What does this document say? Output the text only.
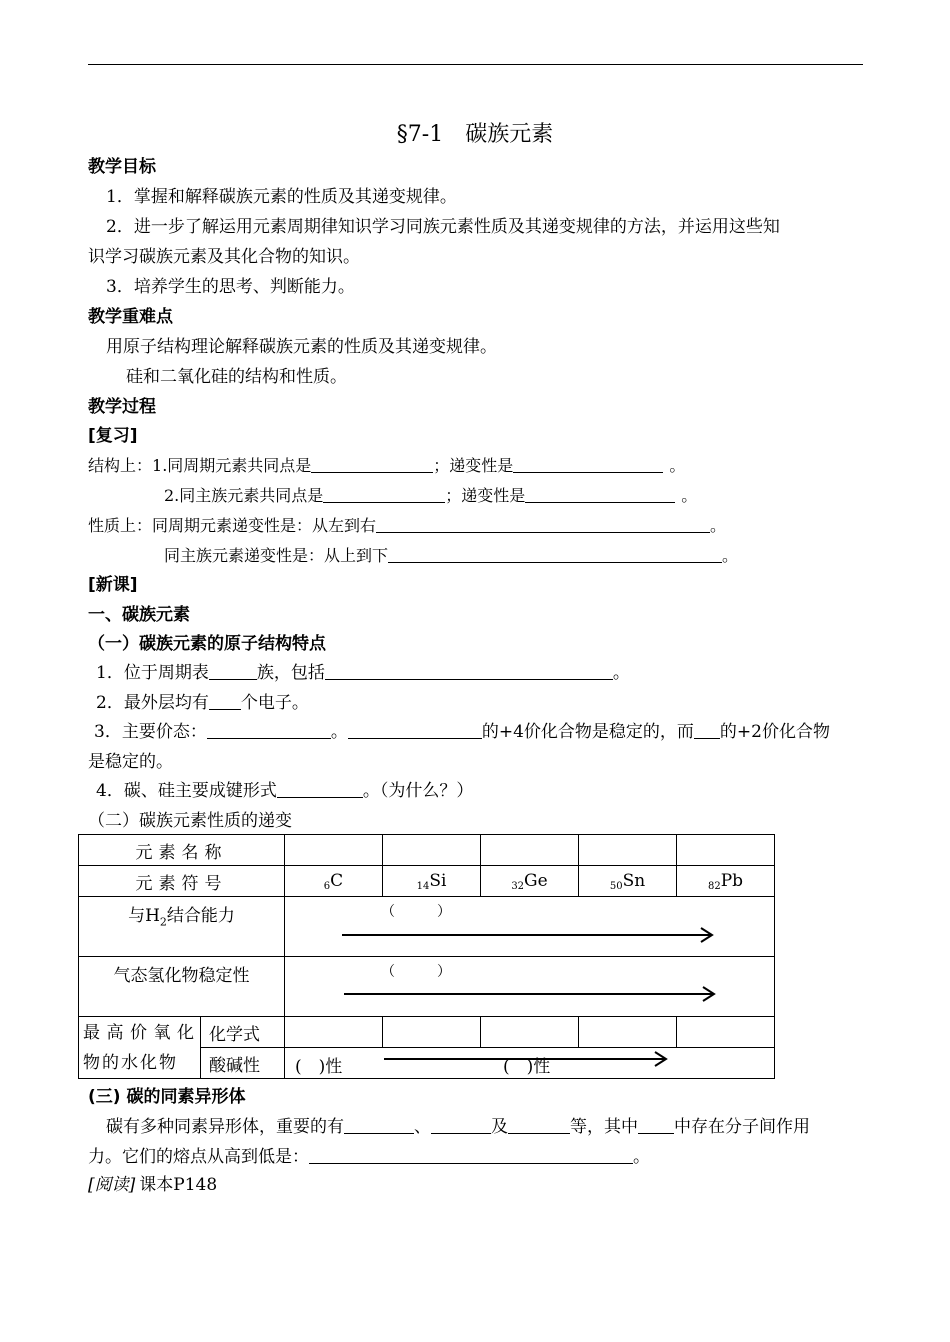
§7-1　碳族元素
教学目标
1．掌握和解释碳族元素的性质及其递变规律。
2．进一步了解运用元素周期律知识学习同族元素性质及其递变规律的方法，并运用这些知
识学习碳族元素及其化合物的知识。
3．培养学生的思考、判断能力。
教学重难点
用原子结构理论解释碳族元素的性质及其递变规律。
硅和二氧化硅的结构和性质。
教学过程
[复习]
结构上：1.同周期元素共同点是	；递变性是	。
2.同主族元素共同点是	；递变性是	。
性质上：同周期元素递变性是：从左到右	。
同主族元素递变性是：从上到下	。
[新课]
一、碳族元素
（一）碳族元素的原子结构特点
1．位于周期表	族，包括	。
2．最外层均有 个电子。
3．主要价态：	。	的+4价化合物是稳定的，而 的+2价化合物
是稳定的。
4．碳、硅主要成键形式	。（为什么？）
（二）碳族元素性质的递变
元素名称						
元素符号		$_6$C	$_{14}$Si	$_{32}$Ge	$_{50}$Sn	$_{82}$Pb
与$H_2$结合能力		（　　　）				

气态氢化物稳定性		（　　　）				

最高价氧化物的水化物	化学式					
	酸碱性	(　)性 (　)性				
(三) 碳的同素异形体
碳有多种同素异形体，重要的有	、	及	等，其中 中存在分子间作用
力。它们的熔点从高到低是：	。
[阅读] 课本P148
